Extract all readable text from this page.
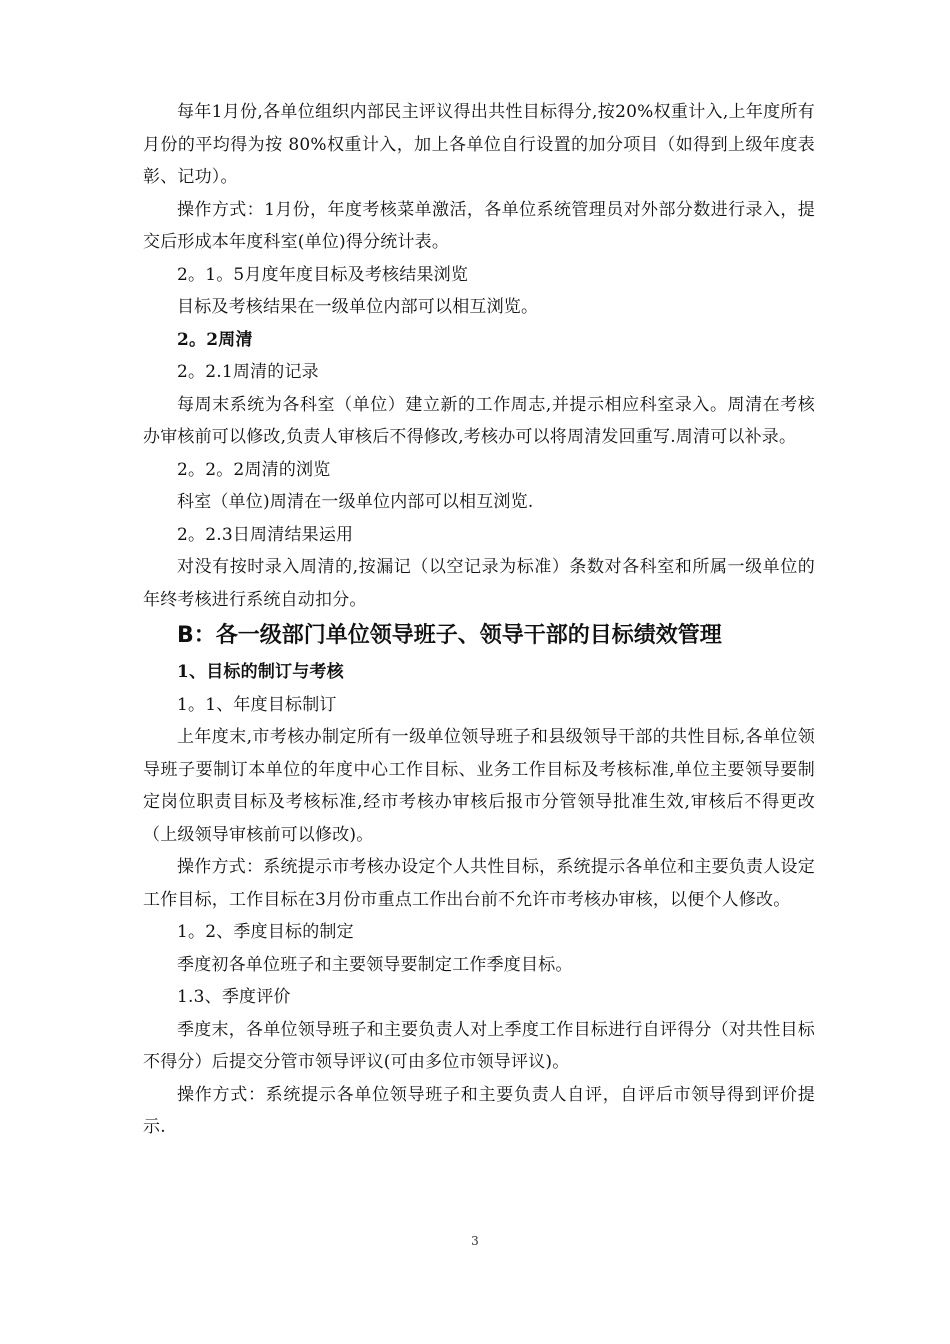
每年1月份,各单位组织内部民主评议得出共性目标得分,按20%权重计入,上年度所有月份的平均得为按 80%权重计入，加上各单位自行设置的加分项目（如得到上级年度表彰、记功）。

操作方式：1月份，年度考核菜单激活，各单位系统管理员对外部分数进行录入，提交后形成本年度科室(单位)得分统计表。

2。1。5月度年度目标及考核结果浏览

目标及考核结果在一级单位内部可以相互浏览。

2。2周清

2。2.1周清的记录

每周末系统为各科室（单位）建立新的工作周志,并提示相应科室录入。周清在考核办审核前可以修改,负责人审核后不得修改,考核办可以将周清发回重写.周清可以补录。

2。2。2周清的浏览

科室（单位)周清在一级单位内部可以相互浏览.

2。2.3日周清结果运用

对没有按时录入周清的,按漏记（以空记录为标准）条数对各科室和所属一级单位的年终考核进行系统自动扣分。

B：各一级部门单位领导班子、领导干部的目标绩效管理

1、目标的制订与考核

1。1、年度目标制订

上年度末,市考核办制定所有一级单位领导班子和县级领导干部的共性目标,各单位领导班子要制订本单位的年度中心工作目标、业务工作目标及考核标准,单位主要领导要制定岗位职责目标及考核标准,经市考核办审核后报市分管领导批准生效,审核后不得更改（上级领导审核前可以修改)。

操作方式：系统提示市考核办设定个人共性目标，系统提示各单位和主要负责人设定工作目标，工作目标在3月份市重点工作出台前不允许市考核办审核，以便个人修改。

1。2、季度目标的制定

季度初各单位班子和主要领导要制定工作季度目标。

1.3、季度评价

季度末，各单位领导班子和主要负责人对上季度工作目标进行自评得分（对共性目标不得分）后提交分管市领导评议(可由多位市领导评议)。

操作方式：系统提示各单位领导班子和主要负责人自评，自评后市领导得到评价提示.

3
